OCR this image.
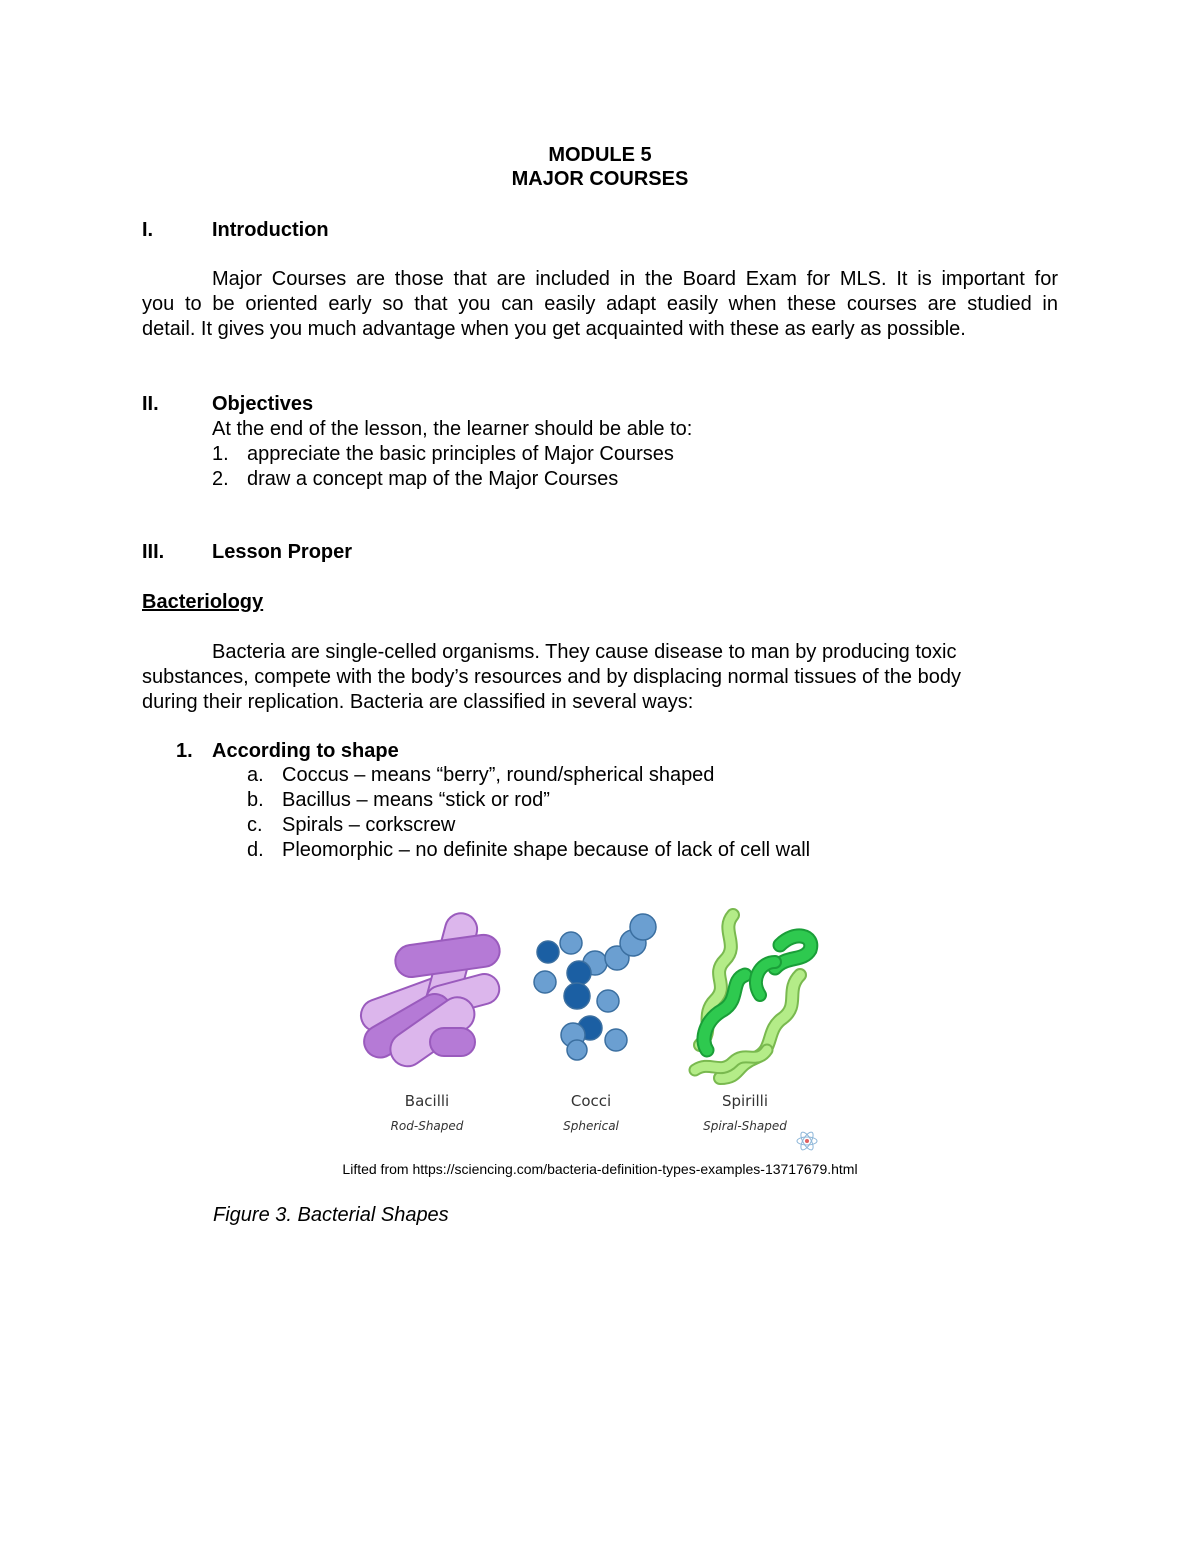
MODULE 5
MAJOR COURSES
I.	Introduction
Major Courses are those that are included in the Board Exam for MLS. It is important for
you to be oriented early so that you can easily adapt easily when these courses are studied in
detail. It gives you much advantage when you get acquainted with these as early as possible.
II.	Objectives
At the end of the lesson, the learner should be able to:
1. appreciate the basic principles of Major Courses
2. draw a concept map of the Major Courses
III. Lesson Proper
Bacteriology
Bacteria are single-celled organisms. They cause disease to man by producing toxic
substances, compete with the body’s resources and by displacing normal tissues of the body
during their replication. Bacteria are classified in several ways:
1. According to shape
a. Coccus – means “berry”, round/spherical shaped
b. Bacillus – means “stick or rod”
c. Spirals – corkscrew
d. Pleomorphic – no definite shape because of lack of cell wall
Bacilli
Rod-Shaped
Cocci
Spherical
Spirilli
Spiral-Shaped
Lifted from https://sciencing.com/bacteria-definition-types-examples-13717679.html
Figure 3. Bacterial Shapes
